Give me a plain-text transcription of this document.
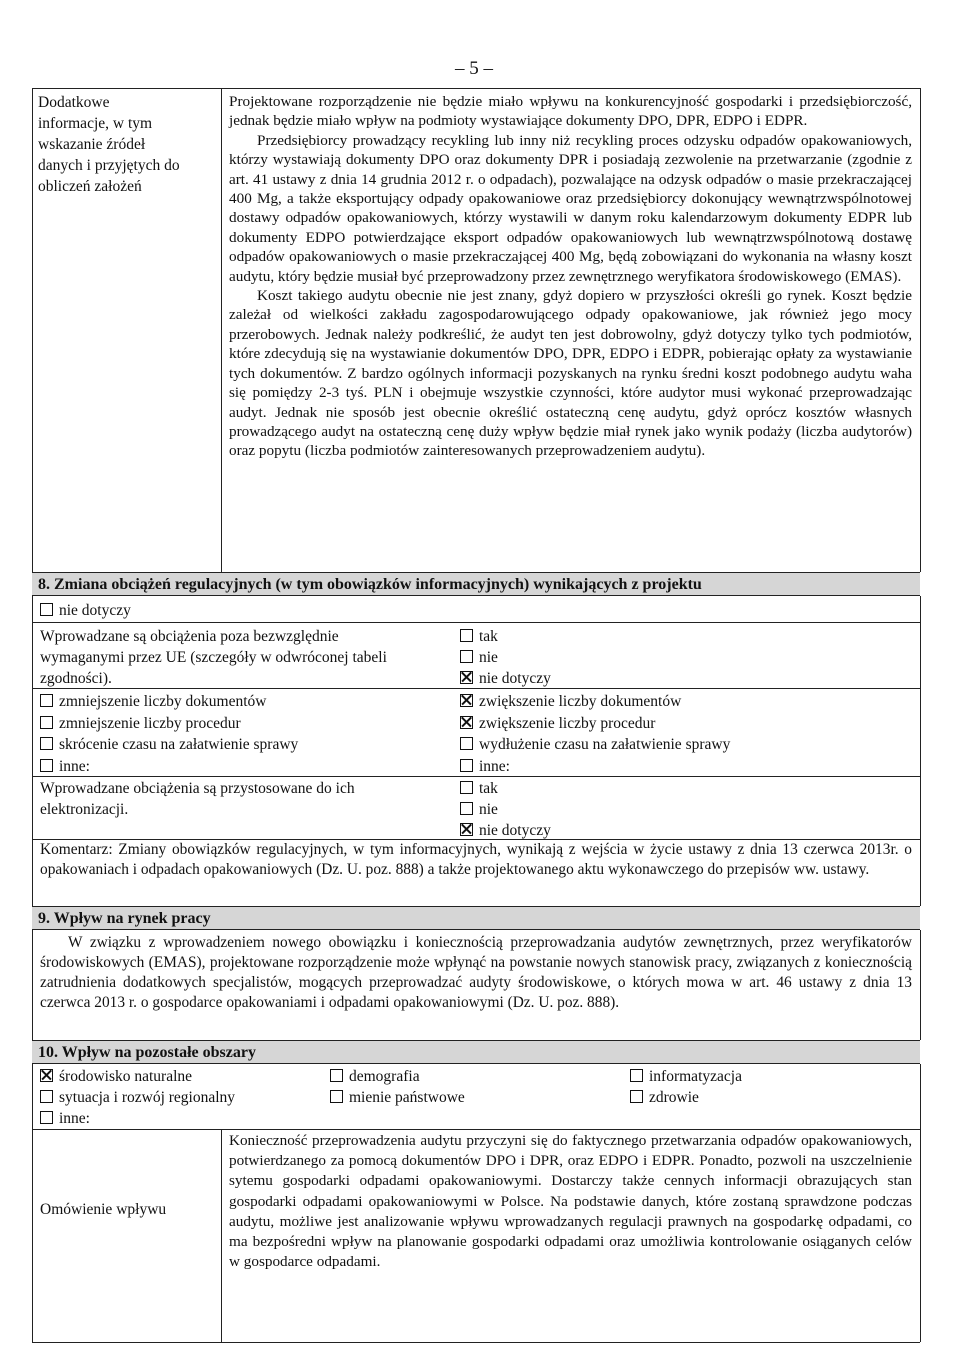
– 5 –
Dodatkowe
informacje, w tym
wskazanie źródeł
danych i przyjętych do
obliczeń założeń

Projektowane rozporządzenie nie będzie miało wpływu na konkurencyjność gospodarki i przedsiębiorczość, jednak będzie miało wpływ na podmioty wystawiające dokumenty DPO, DPR, EDPO i EDPR.

Przedsiębiorcy prowadzący recykling lub inny niż recykling proces odzysku odpadów opakowaniowych, którzy wystawiają dokumenty DPO oraz dokumenty DPR i posiadają zezwolenie na przetwarzanie (zgodnie z art. 41 ustawy z dnia 14 grudnia 2012 r. o odpadach), pozwalające na odzysk odpadów o masie przekraczającej 400 Mg, a także eksportujący odpady opakowaniowe oraz przedsiębiorcy dokonujący wewnątrzwspólnotowej dostawy odpadów opakowaniowych, którzy wystawili w danym roku kalendarzowym dokumenty EDPR lub dokumenty EDPO potwierdzające eksport odpadów opakowaniowych lub wewnątrzwspólnotową dostawę odpadów opakowaniowych o masie przekraczającej 400 Mg, będą zobowiązani do wykonania na własny koszt audytu, który będzie musiał być przeprowadzony przez zewnętrznego weryfikatora środowiskowego (EMAS).

Koszt takiego audytu obecnie nie jest znany, gdyż dopiero w przyszłości określi go rynek. Koszt będzie zależał od wielkości zakładu zagospodarowującego odpady opakowaniowe, jak również jego mocy przerobowych. Jednak należy podkreślić, że audyt ten jest dobrowolny, gdyż dotyczy tylko tych podmiotów, które zdecydują się na wystawianie dokumentów DPO, DPR, EDPO i EDPR, pobierając opłaty za wystawianie tych dokumentów. Z bardzo ogólnych informacji pozyskanych na rynku średni koszt podobnego audytu waha się pomiędzy 2-3 tyś. PLN i obejmuje wszystkie czynności, które audytor musi wykonać przeprowadzając audyt. Jednak nie sposób jest obecnie określić ostateczną cenę audytu, gdyż oprócz kosztów własnych prowadzącego audyt na ostateczną cenę duży wpływ będzie miał rynek jako wynik podaży (liczba audytorów) oraz popytu (liczba podmiotów zainteresowanych przeprowadzeniem audytu).

8. Zmiana obciążeń regulacyjnych (w tym obowiązków informacyjnych) wynikających z projektu
nie dotyczy
Wprowadzane są obciążenia poza bezwzględnie
wymaganymi przez UE (szczegóły w odwróconej tabeli
zgodności).
tak
nie
nie dotyczy
zmniejszenie liczby dokumentów
zmniejszenie liczby procedur
skrócenie czasu na załatwienie sprawy
inne:
zwiększenie liczby dokumentów
zwiększenie liczby procedur
wydłużenie czasu na załatwienie sprawy
inne:
Wprowadzane obciążenia są przystosowane do ich
elektronizacji.
tak
nie
nie dotyczy

Komentarz: Zmiany obowiązków regulacyjnych, w tym informacyjnych, wynikają z wejścia w życie ustawy z dnia 13 czerwca 2013r. o opakowaniach i odpadach opakowaniowych (Dz. U. poz. 888) a także projektowanego aktu wykonawczego do przepisów ww. ustawy.

9. Wpływ na rynek pracy

W związku z wprowadzeniem nowego obowiązku i koniecznością przeprowadzania audytów zewnętrznych, przez weryfikatorów środowiskowych (EMAS), projektowane rozporządzenie może wpłynąć na powstanie nowych stanowisk pracy, związanych z koniecznością zatrudnienia dodatkowych specjalistów, mogących przeprowadzać audyty środowiskowe, o których mowa w art. 46 ustawy z dnia 13 czerwca 2013 r. o gospodarce opakowaniami i odpadami opakowaniowymi (Dz. U. poz. 888).

10. Wpływ na pozostałe obszary
środowisko naturalne
sytuacja i rozwój regionalny
inne:
demografia
mienie państwowe
informatyzacja
zdrowie
Omówienie wpływu

Konieczność przeprowadzenia audytu przyczyni się do faktycznego przetwarzania odpadów opakowaniowych, potwierdzanego za pomocą dokumentów DPO i DPR, oraz EDPO i EDPR. Ponadto, pozwoli na uszczelnienie sytemu gospodarki odpadami opakowaniowymi. Dostarczy także cennych informacji obrazujących stan gospodarki odpadami opakowaniowymi w Polsce. Na podstawie danych, które zostaną sprawdzone podczas audytu, możliwe jest analizowanie wpływu wprowadzanych regulacji prawnych na gospodarkę odpadami, co ma bezpośredni wpływ na planowanie gospodarki odpadami oraz umożliwia kontrolowanie osiąganych celów w gospodarce odpadami.
